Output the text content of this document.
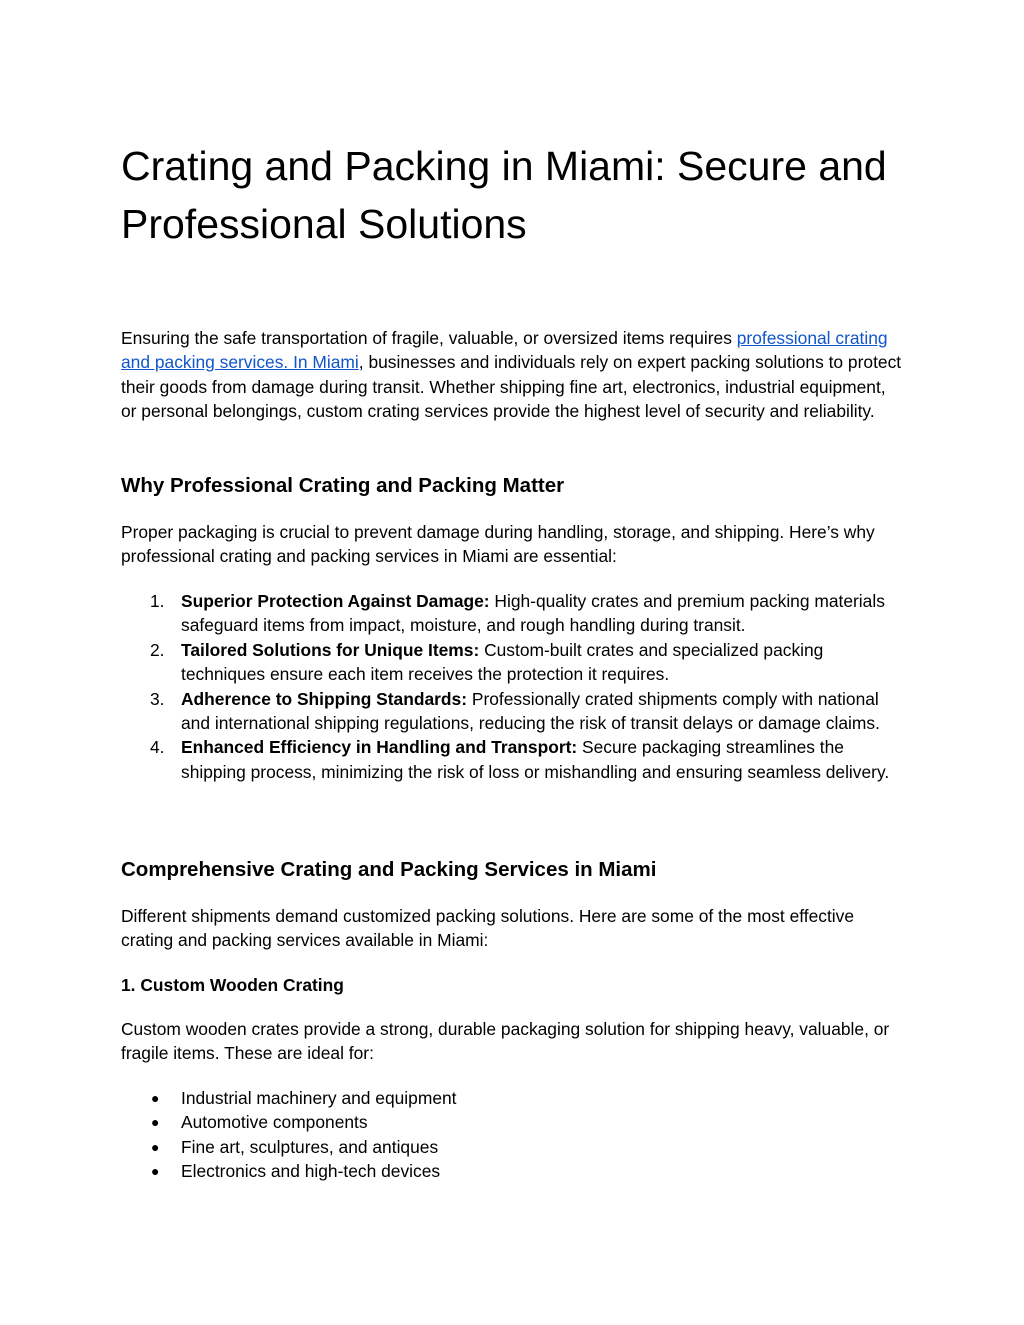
Crating and Packing in Miami: Secure and Professional Solutions

Ensuring the safe transportation of fragile, valuable, or oversized items requires professional crating and packing services. In Miami, businesses and individuals rely on expert packing solutions to protect their goods from damage during transit. Whether shipping fine art, electronics, industrial equipment, or personal belongings, custom crating services provide the highest level of security and reliability.

Why Professional Crating and Packing Matter

Proper packaging is crucial to prevent damage during handling, storage, and shipping. Here’s why professional crating and packing services in Miami are essential:

1. Superior Protection Against Damage: High-quality crates and premium packing materials safeguard items from impact, moisture, and rough handling during transit.
2. Tailored Solutions for Unique Items: Custom-built crates and specialized packing techniques ensure each item receives the protection it requires.
3. Adherence to Shipping Standards: Professionally crated shipments comply with national and international shipping regulations, reducing the risk of transit delays or damage claims.
4. Enhanced Efficiency in Handling and Transport: Secure packaging streamlines the shipping process, minimizing the risk of loss or mishandling and ensuring seamless delivery.
Comprehensive Crating and Packing Services in Miami

Different shipments demand customized packing solutions. Here are some of the most effective crating and packing services available in Miami:

1. Custom Wooden Crating

Custom wooden crates provide a strong, durable packaging solution for shipping heavy, valuable, or fragile items. These are ideal for:

● Industrial machinery and equipment
● Automotive components
● Fine art, sculptures, and antiques
● Electronics and high-tech devices
